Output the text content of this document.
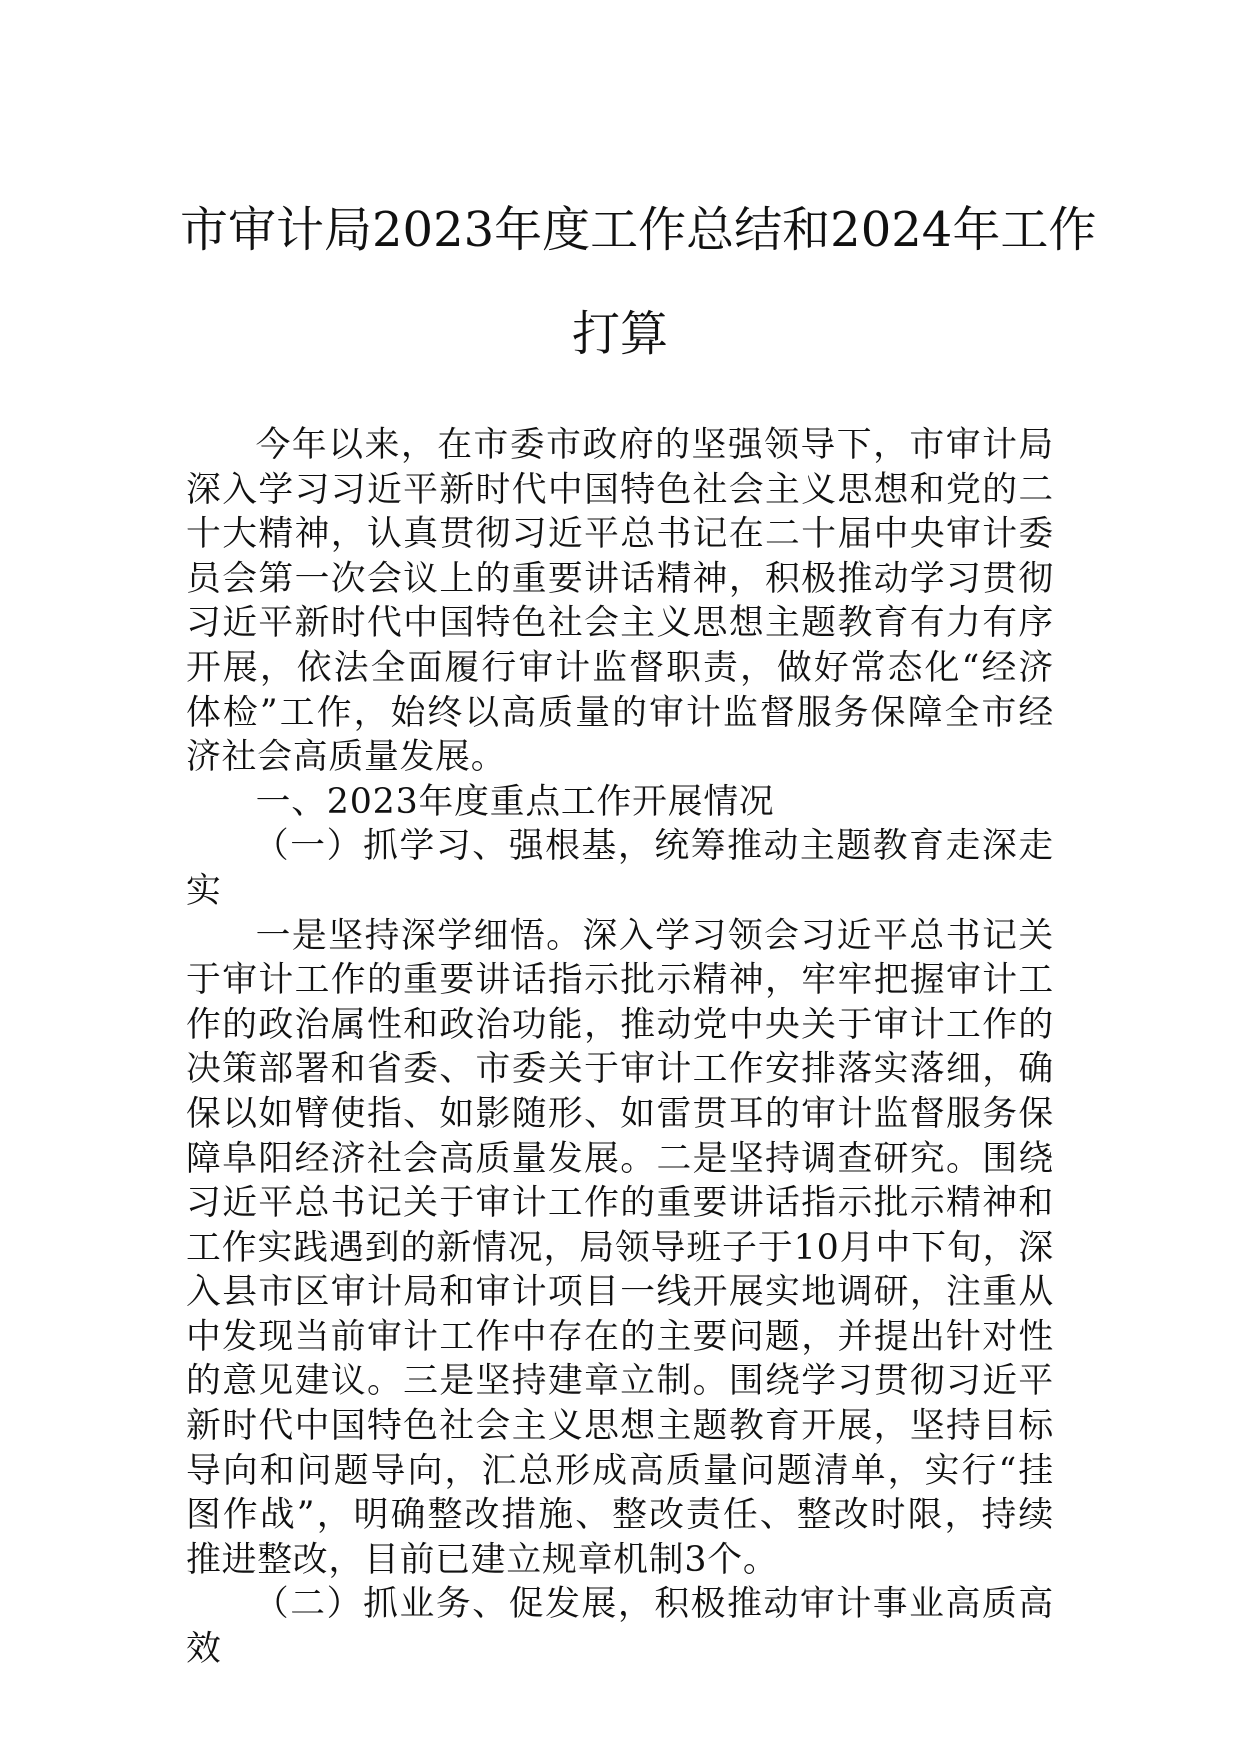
市审计局2023年度工作总结和2024年工作
打算

今年以来，在市委市政府的坚强领导下，市审计局深入学习习近平新时代中国特色社会主义思想和党的二十大精神，认真贯彻习近平总书记在二十届中央审计委员会第一次会议上的重要讲话精神，积极推动学习贯彻习近平新时代中国特色社会主义思想主题教育有力有序开展，依法全面履行审计监督职责，做好常态化“经济体检”工作，始终以高质量的审计监督服务保障全市经济社会高质量发展。

一、2023年度重点工作开展情况

（一）抓学习、强根基，统筹推动主题教育走深走实

一是坚持深学细悟。深入学习领会习近平总书记关于审计工作的重要讲话指示批示精神，牢牢把握审计工作的政治属性和政治功能，推动党中央关于审计工作的决策部署和省委、市委关于审计工作安排落实落细，确保以如臂使指、如影随形、如雷贯耳的审计监督服务保障阜阳经济社会高质量发展。二是坚持调查研究。围绕习近平总书记关于审计工作的重要讲话指示批示精神和工作实践遇到的新情况，局领导班子于10月中下旬，深入县市区审计局和审计项目一线开展实地调研，注重从中发现当前审计工作中存在的主要问题，并提出针对性的意见建议。三是坚持建章立制。围绕学习贯彻习近平新时代中国特色社会主义思想主题教育开展，坚持目标导向和问题导向，汇总形成高质量问题清单，实行“挂图作战”，明确整改措施、整改责任、整改时限，持续推进整改，目前已建立规章机制3个。

（二）抓业务、促发展，积极推动审计事业高质高效
